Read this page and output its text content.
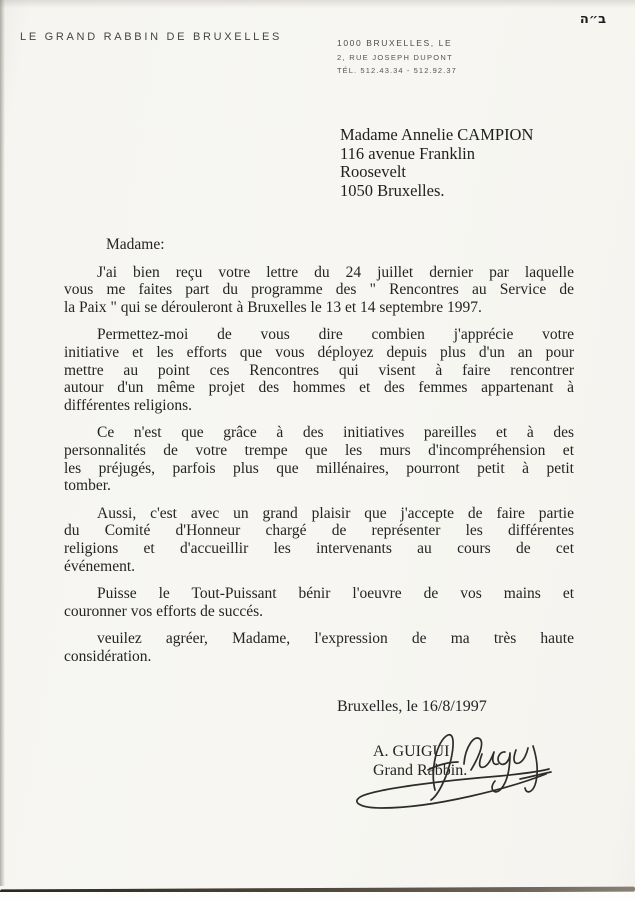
ב״ה
LE GRAND RABBIN DE BRUXELLES	1000 BRUXELLES, LE
2, RUE JOSEPH DUPONT
TÉL. 512.43.34 - 512.92.37
Madame Annelie CAMPION
116 avenue Franklin
Roosevelt
1050 Bruxelles.
Madame:
J'ai bien reçu votre lettre du 24 juillet dernier par laquelle
vous me faites part du programme des " Rencontres au Service de
la Paix " qui se dérouleront à Bruxelles le 13 et 14 septembre 1997.
Permettez-moi de vous dire combien j'apprécie votre
initiative et les efforts que vous déployez depuis plus d'un an pour
mettre au point ces Rencontres qui visent à faire rencontrer
autour d'un même projet des hommes et des femmes appartenant à
différentes religions.
Ce n'est que grâce à des initiatives pareilles et à des
personnalités de votre trempe que les murs d'incompréhension et
les préjugés, parfois plus que millénaires, pourront petit à petit
tomber.
Aussi, c'est avec un grand plaisir que j'accepte de faire partie
du Comité d'Honneur chargé de représenter les différentes
religions et d'accueillir les intervenants au cours de cet
événement.
Puisse le Tout-Puissant bénir l'oeuvre de vos mains et
couronner vos efforts de succés.
veuilez agréer, Madame, l'expression de ma très haute
considération.
Bruxelles, le 16/8/1997
A. GUIGUI
Grand Rabbin.
